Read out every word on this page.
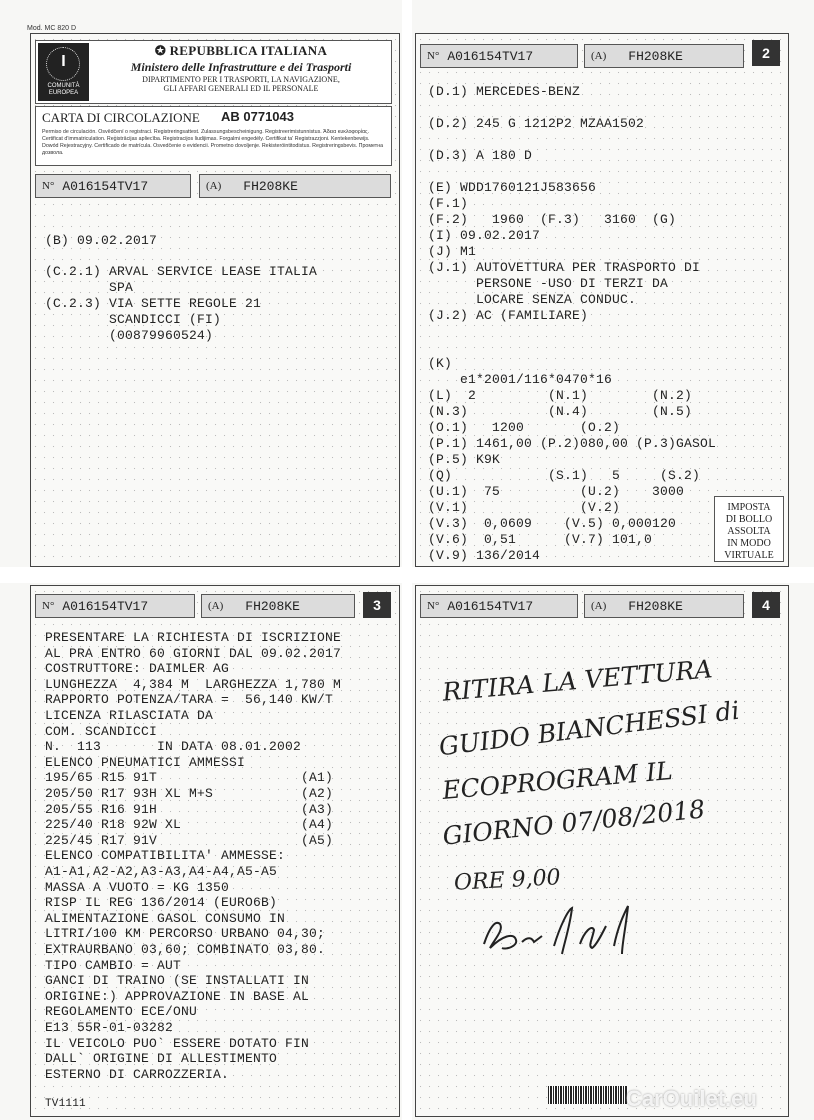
Mod. MC 820 D
I
COMUNITÀ
EUROPEA
✪ REPUBBLICA ITALIANA
Ministero delle Infrastrutture e dei Trasporti
DIPARTIMENTO PER I TRASPORTI, LA NAVIGAZIONE,
GLI AFFARI GENERALI ED IL PERSONALE
CARTA DI CIRCOLAZIONE AB 0771043
Permiso de circulación. Osvědčení o registraci. Registreringsattest. Zulassungsbescheinigung. Registreerimistunnistus. Άδεια κυκλοφορίας. Certificat d'immatriculation. Reģistrācijas apliecība. Registracijos liudijimas. Forgalmi engedély. Certifikat ta' Registrazzjoni. Kentekenbewijs. Dowód Rejestracyjny. Certificado de matrícula. Osvedčenie o evidencii. Prometno dovoljenje. Rekisteröintitodistus. Registreringsbevis. Прометна дозвола.
N° A016154TV17	(A) FH208KE
(B) 09.02.2017
(C.2.1) ARVAL SERVICE LEASE ITALIA
SPA
(C.2.3) VIA SETTE REGOLE 21
SCANDICCI (FI)
(00879960524)
2
N° A016154TV17	(A) FH208KE
(D.1) MERCEDES-BENZ
(D.2) 245 G 1212P2 MZAA1502
(D.3) A 180 D
(E) WDD1760121J583656
(F.1)
(F.2)   1960  (F.3)   3160  (G)
(I) 09.02.2017
(J) M1
(J.1) AUTOVETTURA PER TRASPORTO DI
PERSONE -USO DI TERZI DA
LOCARE SENZA CONDUC.
(J.2) AC (FAMILIARE)
(K)
e1*2001/116*0470*16
(L)  2         (N.1)        (N.2)
(N.3)          (N.4)        (N.5)
(O.1)   1200       (O.2)
(P.1) 1461,00 (P.2)080,00 (P.3)GASOL
(P.5) K9K
(Q)            (S.1)   5     (S.2)
(U.1)  75          (U.2)    3000
(V.1)              (V.2)
(V.3)  0,0609    (V.5) 0,000120
(V.6)  0,51      (V.7) 101,0
(V.9) 136/2014
IMPOSTA
DI BOLLO
ASSOLTA
IN MODO
VIRTUALE
3
N° A016154TV17	(A) FH208KE
PRESENTARE LA RICHIESTA DI ISCRIZIONE
AL PRA ENTRO 60 GIORNI DAL 09.02.2017
COSTRUTTORE: DAIMLER AG
LUNGHEZZA  4,384 M  LARGHEZZA 1,780 M
RAPPORTO POTENZA/TARA =  56,140 KW/T
LICENZA RILASCIATA DA
COM. SCANDICCI
N.  113       IN DATA 08.01.2002
ELENCO PNEUMATICI AMMESSI
195/65 R15 91T                  (A1)
205/50 R17 93H XL M+S           (A2)
205/55 R16 91H                  (A3)
225/40 R18 92W XL               (A4)
225/45 R17 91V                  (A5)
ELENCO COMPATIBILITA' AMMESSE:
A1-A1,A2-A2,A3-A3,A4-A4,A5-A5
MASSA A VUOTO = KG 1350
RISP IL REG 136/2014 (EURO6B)
ALIMENTAZIONE GASOL CONSUMO IN
LITRI/100 KM PERCORSO URBANO 04,30;
EXTRAURBANO 03,60; COMBINATO 03,80.
TIPO CAMBIO = AUT
GANCI DI TRAINO (SE INSTALLATI IN
ORIGINE:) APPROVAZIONE IN BASE AL
REGOLAMENTO ECE/ONU
E13 55R-01-03282
IL VEICOLO PUO` ESSERE DOTATO FIN
DALL` ORIGINE DI ALLESTIMENTO
ESTERNO DI CARROZZERIA.
TV1111
4
N° A016154TV17	(A) FH208KE
RITIRA LA VETTURA
GUIDO BIANCHESSI di
ECOPROGRAM IL
GIORNO 07/08/2018
ORE 9,00
CarOuilet.eu
